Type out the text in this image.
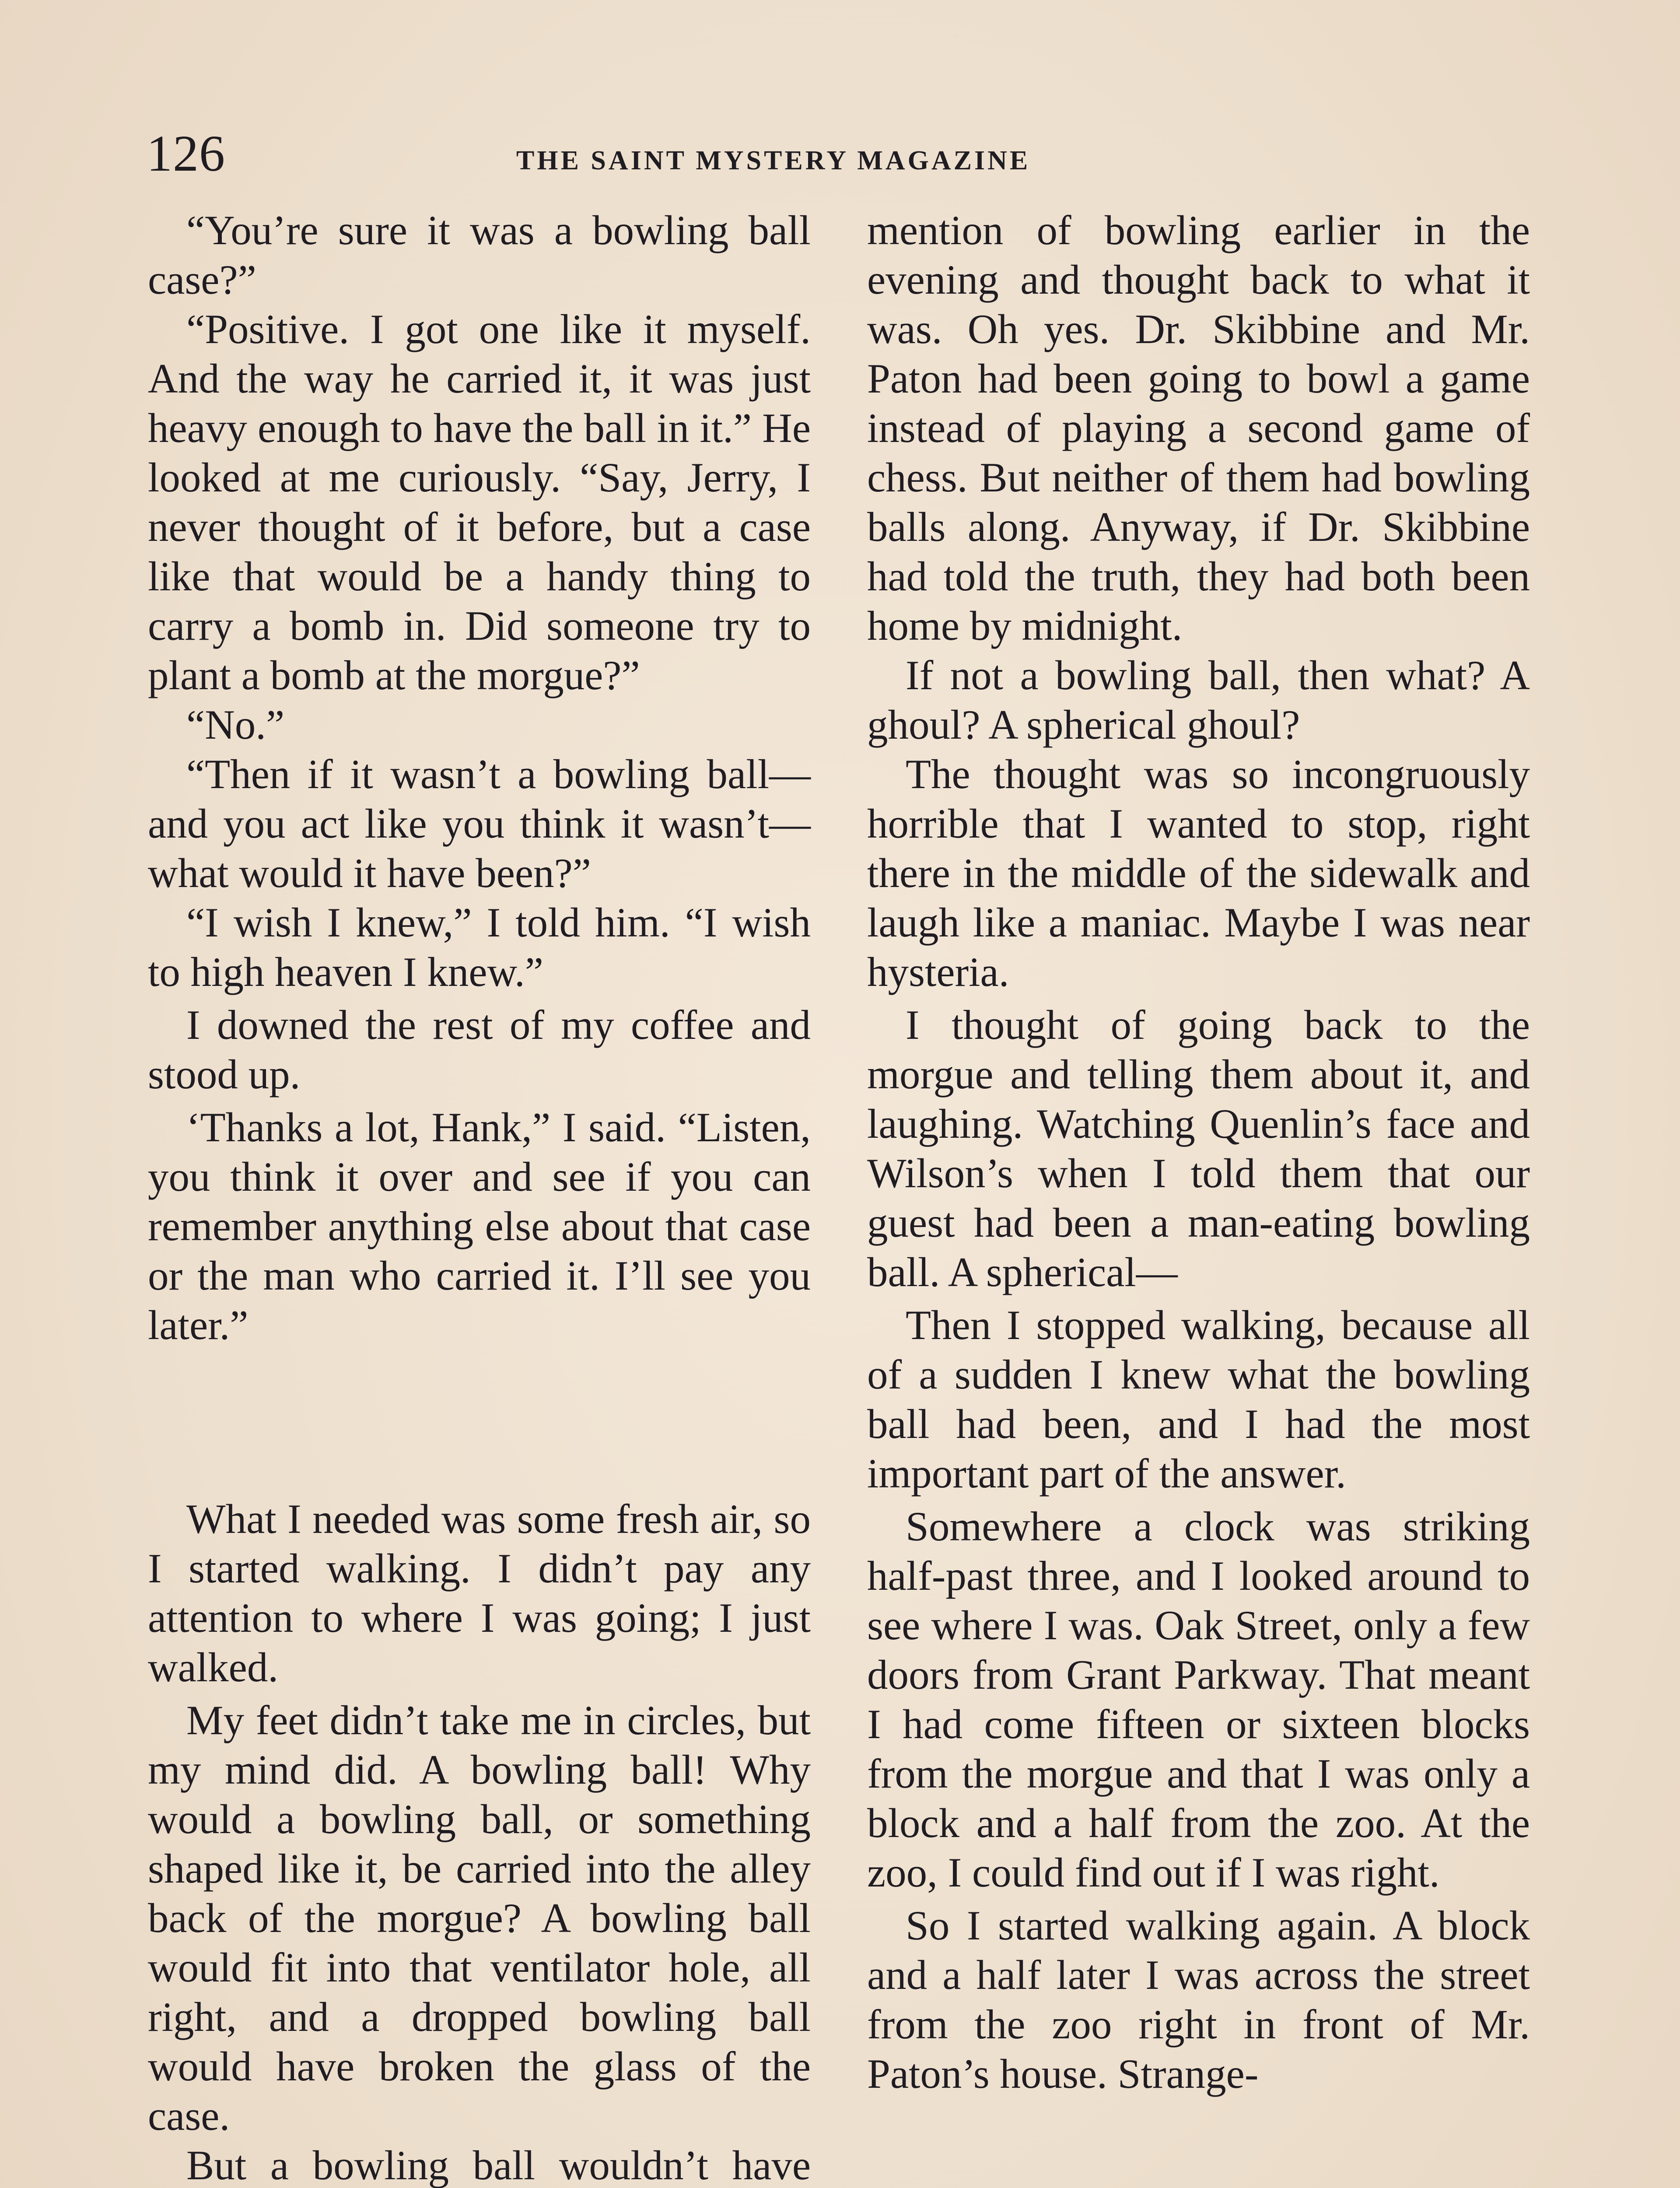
126	THE SAINT MYSTERY MAGAZINE

“You’re sure it was a bowling ball case?”

“Positive. I got one like it myself. And the way he carried it, it was just heavy enough to have the ball in it.” He looked at me curiously. “Say, Jerry, I never thought of it before, but a case like that would be a handy thing to carry a bomb in. Did someone try to plant a bomb at the morgue?”

“No.”

“Then if it wasn’t a bowling ball—and you act like you think it wasn’t—what would it have been?”

“I wish I knew,” I told him. “I wish to high heaven I knew.”

I downed the rest of my coffee and stood up.

‘Thanks a lot, Hank,” I said. “Listen, you think it over and see if you can remember anything else about that case or the man who carried it. I’ll see you later.”

What I needed was some fresh air, so I started walking. I didn’t pay any attention to where I was going; I just walked.

My feet didn’t take me in circles, but my mind did. A bowling ball! Why would a bowling ball, or something shaped like it, be carried into the alley back of the morgue? A bowling ball would fit into that ventilator hole, all right, and a dropped bowling ball would have broken the glass of the case.

But a bowling ball wouldn’t have

mention of bowling earlier in the evening and thought back to what it was. Oh yes. Dr. Skibbine and Mr. Paton had been going to bowl a game instead of playing a second game of chess. But neither of them had bowling balls along. Anyway, if Dr. Skibbine had told the truth, they had both been home by midnight.

If not a bowling ball, then what? A ghoul? A spherical ghoul?

The thought was so incongruously horrible that I wanted to stop, right there in the middle of the sidewalk and laugh like a maniac. Maybe I was near hysteria.

I thought of going back to the morgue and telling them about it, and laughing. Watching Quenlin’s face and Wilson’s when I told them that our guest had been a man-eating bowling ball. A spherical—

Then I stopped walking, because all of a sudden I knew what the bowling ball had been, and I had the most important part of the answer.

Somewhere a clock was striking half-past three, and I looked around to see where I was. Oak Street, only a few doors from Grant Parkway. That meant I had come fifteen or sixteen blocks from the morgue and that I was only a block and a half from the zoo. At the zoo, I could find out if I was right.

So I started walking again. A block and a half later I was across the street from the zoo right in front of Mr. Paton’s house. Strange-
